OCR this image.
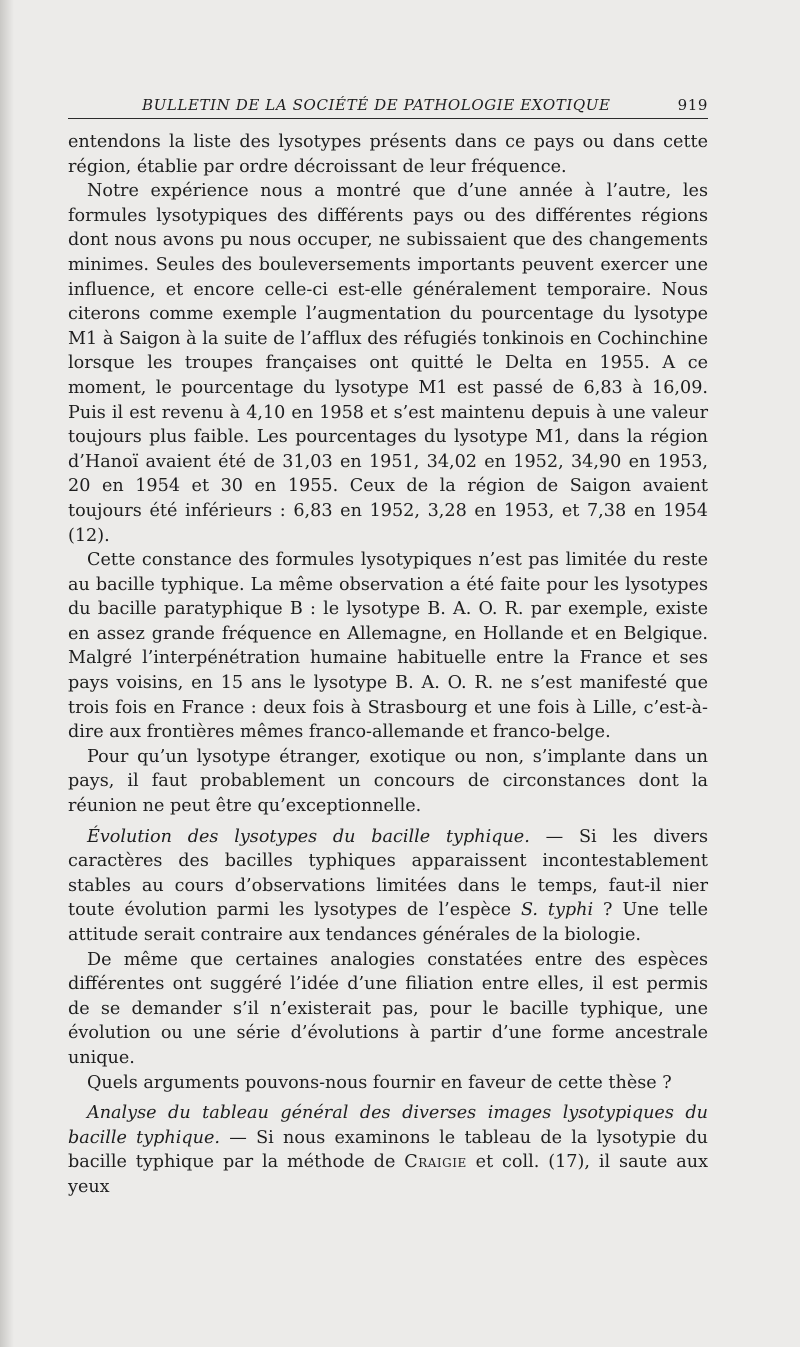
BULLETIN DE LA SOCIÉTÉ DE PATHOLOGIE EXOTIQUE	919

entendons la liste des lysotypes présents dans ce pays ou dans cette région, établie par ordre décroissant de leur fréquence.

Notre expérience nous a montré que d’une année à l’autre, les formules lysotypiques des différents pays ou des différentes régions dont nous avons pu nous occuper, ne subissaient que des changements minimes. Seules des bouleversements importants peuvent exercer une influence, et encore celle-ci est-elle généralement temporaire. Nous citerons comme exemple l’augmentation du pourcentage du lysotype M1 à Saigon à la suite de l’afflux des réfugiés tonkinois en Cochinchine lorsque les troupes françaises ont quitté le Delta en 1955. A ce moment, le pourcentage du lysotype M1 est passé de 6,83 à 16,09. Puis il est revenu à 4,10 en 1958 et s’est maintenu depuis à une valeur toujours plus faible. Les pourcentages du lysotype M1, dans la région d’Hanoï avaient été de 31,03 en 1951, 34,02 en 1952, 34,90 en 1953, 20 en 1954 et 30 en 1955. Ceux de la région de Saigon avaient toujours été inférieurs : 6,83 en 1952, 3,28 en 1953, et 7,38 en 1954 (12).

Cette constance des formules lysotypiques n’est pas limitée du reste au bacille typhique. La même observation a été faite pour les lysotypes du bacille paratyphique B : le lysotype B. A. O. R. par exemple, existe en assez grande fréquence en Allemagne, en Hollande et en Belgique. Malgré l’interpénétration humaine habituelle entre la France et ses pays voisins, en 15 ans le lysotype B. A. O. R. ne s’est manifesté que trois fois en France : deux fois à Strasbourg et une fois à Lille, c’est-à-dire aux frontières mêmes franco-allemande et franco-belge.

Pour qu’un lysotype étranger, exotique ou non, s’implante dans un pays, il faut probablement un concours de circonstances dont la réunion ne peut être qu’exceptionnelle.

Évolution des lysotypes du bacille typhique. — Si les divers caractères des bacilles typhiques apparaissent incontestablement stables au cours d’observations limitées dans le temps, faut-il nier toute évolution parmi les lysotypes de l’espèce S. typhi ? Une telle attitude serait contraire aux tendances générales de la biologie.

De même que certaines analogies constatées entre des espèces différentes ont suggéré l’idée d’une filiation entre elles, il est permis de se demander s’il n’existerait pas, pour le bacille typhique, une évolution ou une série d’évolutions à partir d’une forme ancestrale unique.

Quels arguments pouvons-nous fournir en faveur de cette thèse ?

Analyse du tableau général des diverses images lysotypiques du bacille typhique. — Si nous examinons le tableau de la lysotypie du bacille typhique par la méthode de Craigie et coll. (17), il saute aux yeux
